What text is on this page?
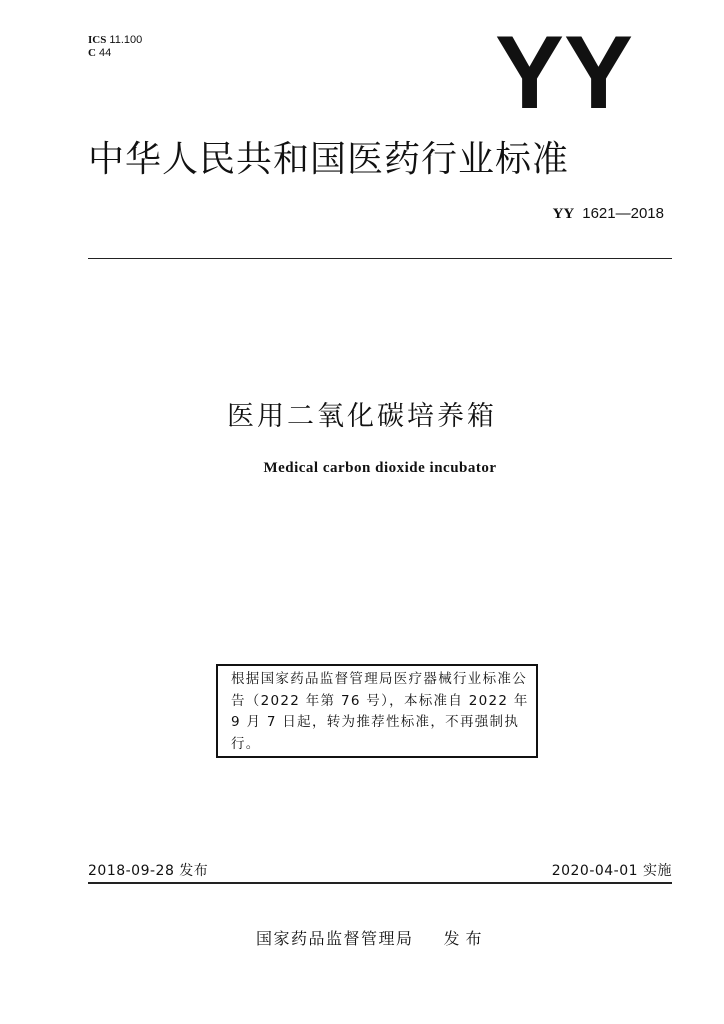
ICS 11.100
C 44	YY
中华人民共和国医药行业标准
YY 1621—2018
医用二氧化碳培养箱
Medical carbon dioxide incubator
根据国家药品监督管理局医疗器械行业标准公告（2022 年第 76 号），本标准自 2022 年 9 月 7 日起，转为推荐性标准，不再强制执行。
2018-09-28 发布	2020-04-01 实施
国家药品监督管理局 发布
